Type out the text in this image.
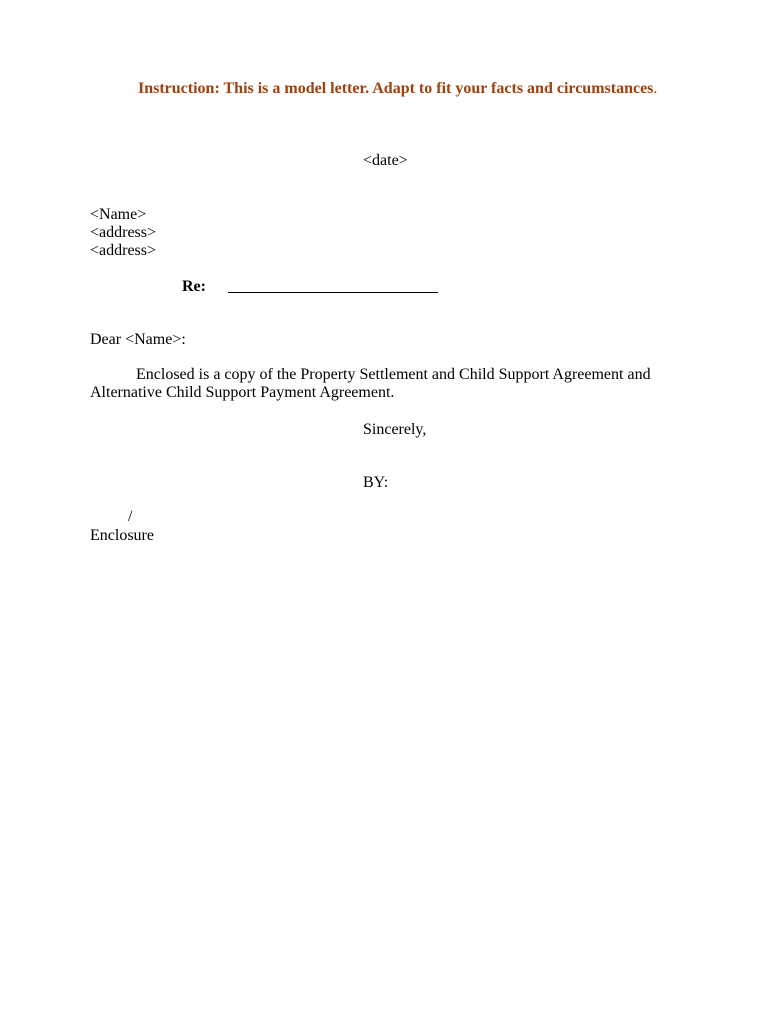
Instruction: This is a model letter. Adapt to fit your facts and circumstances.
<date>
<Name>
<address>
<address>
Re:
Dear <Name>:

Enclosed is a copy of the Property Settlement and Child Support Agreement and Alternative Child Support Payment Agreement.

Sincerely,
BY:
/
Enclosure
